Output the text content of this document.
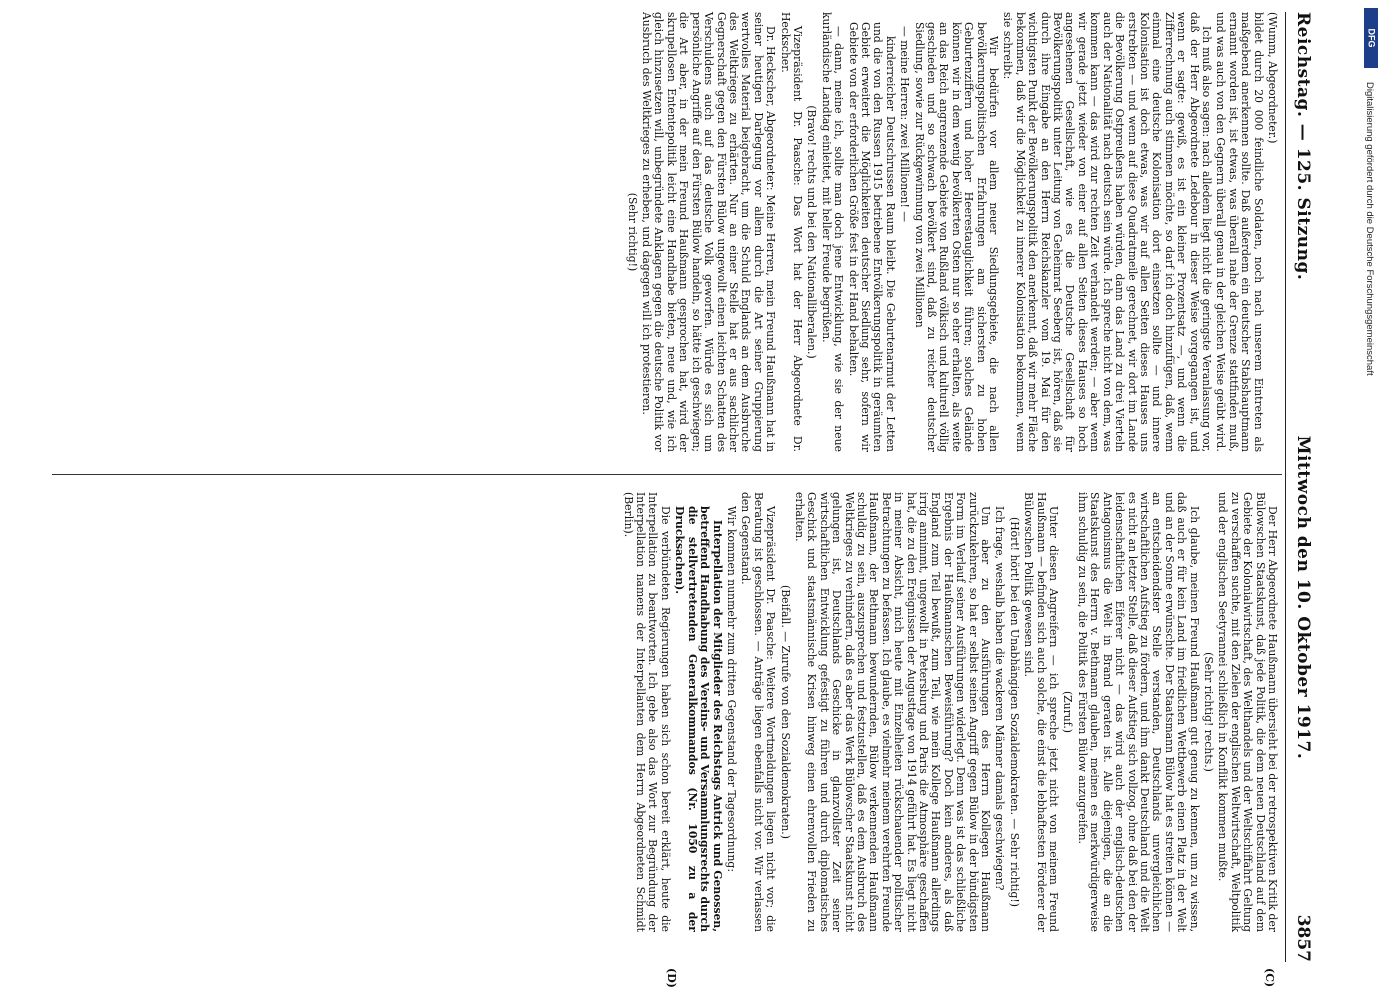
Reichstag. — 125. Sitzung.
Mittwoch den 10. Oktober 1917.
3857
(C)
(D)

(Wumm, Abgeordneter.)

bildet durch 20 000 feindliche Soldaten, noch nach unserem Eintreten als maßgebend anerkennen sollte. Daß außerdem ein deutscher Stabshauptmann ernannt worden ist, ist etwas, was überall nahe der Grenze stattfinden muß, und was auch von den Gegnern überall genau in der gleichen Weise geübt wird.

Ich muß also sagen: nach alledem liegt nicht die geringste Veranlassung vor, daß der Herr Abgeordnete Ledebour in dieser Weise vorgegangen ist, und wenn er sagte: gewiß, es ist ein kleiner Prozentsatz —, und wenn die Zifferrechnung auch stimmen möchte, so darf ich doch hinzufügen, daß, wenn einmal eine deutsche Kolonisation dort einsetzen sollte — und innere Kolonisation ist doch etwas, was wir auf allen Seiten dieses Hauses uns erstrebten — und wenn auf diese Quadratmeile gerechnet, wir dort im Lande die Bevölkerung Ostpreußens haben würden, dann das Land zu drei Vierteln auch der Nationalität nach deutsch sein würde. Ich spreche nicht von dem, was kommen kann — das wird zur rechten Zeit verhandelt werden; — aber wenn wir gerade jetzt wieder von einer auf allen Seiten dieses Hauses so hoch angesehenen Gesellschaft, wie es die Deutsche Gesellschaft für Bevölkerungspolitik unter Leitung von Geheimrat Seeberg ist, hören, daß sie durch ihre Eingabe an den Herrn Reichskanzler vom 19. Mai für den wichtigsten Punkt der Bevölkerungspolitik den anerkennt, daß wir mehr Fläche bekommen, daß wir die Möglichkeit zu innerer Kolonisation bekommen, wenn sie schreibt:

Wir bedürfen vor allem neuer Siedlungsgebiete, die nach allen bevölkerungspolitischen Erfahrungen am sichersten zu hohen Geburtenziffern und hoher Heerestauglichkeit führen; solches Gelände können wir in dem wenig bevölkerten Osten nur so eher erhalten, als weite an das Reich angrenzende Gebiete von Rußland völkisch und kulturell völlig geschieden und so schwach bevölkert sind, daß zu reicher deutscher Siedlung, sowie zur Rückgewinnung von zwei Millionen

— meine Herren: zwei Millionen! —

kinderreicher Deutschrussen Raum bleibt. Die Geburtenarmut der Letten und die von den Russen 1915 betriebene Entvölkerungspolitik in geräumten Gebiet erweitert die Möglichkeiten deutscher Siedlung sehr, sofern wir Gebiete von der erforderlichen Größe fest in der Hand behalten.

— dann, meine ich, sollte man doch jene Entwicklung, wie sie der neue kurländische Landtag einleitet, mit heller Freude begrüßen.

(Bravo! rechts und bei den Nationalliberalen.)

Vizepräsident Dr. Paasche: Das Wort hat der Herr Abgeordnete Dr. Heckscher.

Dr. Heckscher, Abgeordneter: Meine Herren, mein Freund Haußmann hat in seiner heutigen Darlegung vor allem durch die Art seiner Gruppierung wertvolles Material beigebracht, um die Schuld Englands an dem Ausbruche des Weltkrieges zu erhärten. Nur an einer Stelle hat er aus sachlicher Gegnerschaft gegen den Fürsten Bülow ungewollt einen leichten Schatten des Verschuldens auch auf das deutsche Volk geworfen. Würde es sich um persönliche Angriffe auf den Fürsten Bülow handeln, so hätte ich geschwiegen; die Art aber, in der mein Freund Haußmann gesprochen hat, wird der skrupellosen Ententepolitik leicht eine Handhabe bieten, neue und, wie ich gleich hinzusetzen will, unbegründete Anklagen gegen die deutsche Politik vor Ausbruch des Weltkrieges zu erheben, und dagegen will ich protestieren.

(Sehr richtig!)

Der Herr Abgeordnete Haußmann übersieht bei der retrospektiven Kritik der Bülowschen Staatskunst, daß jede Politik, die dem neuen Deutschland auf dem Gebiete der Kolonialwirtschaft, des Welthandels und der Weltschiffahrt Geltung zu verschaffen suchte, mit den Zielen der englischen Weltwirtschaft, Weltpolitik und der englischen Seetyrannei schließlich in Konflikt kommen mußte.

(Sehr richtig! rechts.)

Ich glaube, meinen Freund Haußmann gut genug zu kennen, um zu wissen, daß auch er für kein Land im friedlichen Wettbewerb einen Platz in der Welt und an der Sonne erwünschte. Der Staatsmann Bülow hat es streiten können — an entscheidendster Stelle verstanden, Deutschlands unvergleichlichen wirtschaftlichen Aufstieg zu fördern, und ihm dankt Deutschland und die Welt es nicht an letzter Stelle, daß dieser Aufstieg sich vollzog, ohne daß bei den der leidenschaftlichen Eiferer nicht — das wird auch der englisch-deutschen Antagonismus die Welt in Brand geraten ist. Alle diejenigen, die an die Staatskunst des Herrn v. Bethmann glauben, meinen es merkwürdigerweise ihm schuldig zu sein, die Politik des Fürsten Bülow anzugreifen.

(Zuruf.)

Unter diesen Angreifern — ich spreche jetzt nicht von meinem Freund Haußmann — befinden sich auch solche, die einst die lebhaftesten Förderer der Bülowschen Politik gewesen sind.

(Hört! hört! bei den Unabhängigen Sozialdemokraten. — Sehr richtig!)

Ich frage, weshalb haben die wackeren Männer damals geschwiegen?

Um aber zu den Ausführungen des Herrn Kollegen Haußmann zurückzukehren, so hat er selbst seinen Angriff gegen Bülow in der bündigsten Form im Verlauf seiner Ausführungen widerlegt. Denn was ist das schließliche Ergebnis der Haußmannschen Beweisführung? Doch kein anderes, als daß England zum Teil bewußt, zum Teil, wie mein Kollege Haußmann allerdings irrig annimmt, ungewollt in Petersburg und Paris die Atmosphäre geschaffen hat, die zu den Ereignissen der Augusttage von 1914 geführt hat. Es liegt nicht in meiner Absicht, mich heute mit Einzelheiten rückschauender politischer Betrachtungen zu befassen. Ich glaube, es vielmehr meinem verehrten Freunde Haußmann, der Bethmann bewundernden, Bülow verkennenden Haußmann schuldig zu sein, auszusprechen und festzustellen, daß es dem Ausbruch des Weltkrieges zu verhindern, daß es aber das Werk Bülowscher Staatskunst nicht gelungen ist, Deutschlands Geschicke in glanzvollster Zeit seiner wirtschaftlichen Entwicklung gefestigt zu führen und durch diplomatisches Geschick und staatsmännische Krisen hinweg einen ehrenvollen Frieden zu erhalten.

(Beifall. — Zurufe von den Sozialdemokraten.)

Vizepräsident Dr. Paasche: Weitere Wortmeldungen liegen nicht vor; die Beratung ist geschlossen. — Anträge liegen ebenfalls nicht vor. Wir verlassen den Gegenstand.

Wir kommen nunmehr zum dritten Gegenstand der Tagesordnung:

Interpellation der Mitglieder des Reichstags Antrick und Genossen, betreffend Handhabung des Vereins- und Versammlungsrechts durch die stellvertretenden Generalkommandos (Nr. 1050 zu a der Drucksachen).

Die verbündeten Regierungen haben sich schon bereit erklärt, heute die Interpellation zu beantworten. Ich gebe also das Wort zur Begründung der Interpellation namens der Interpellanten dem Herrn Abgeordneten Schmidt (Berlin).

DFG
Digitalisierung gefördert durch die Deutsche Forschungsgemeinschaft
